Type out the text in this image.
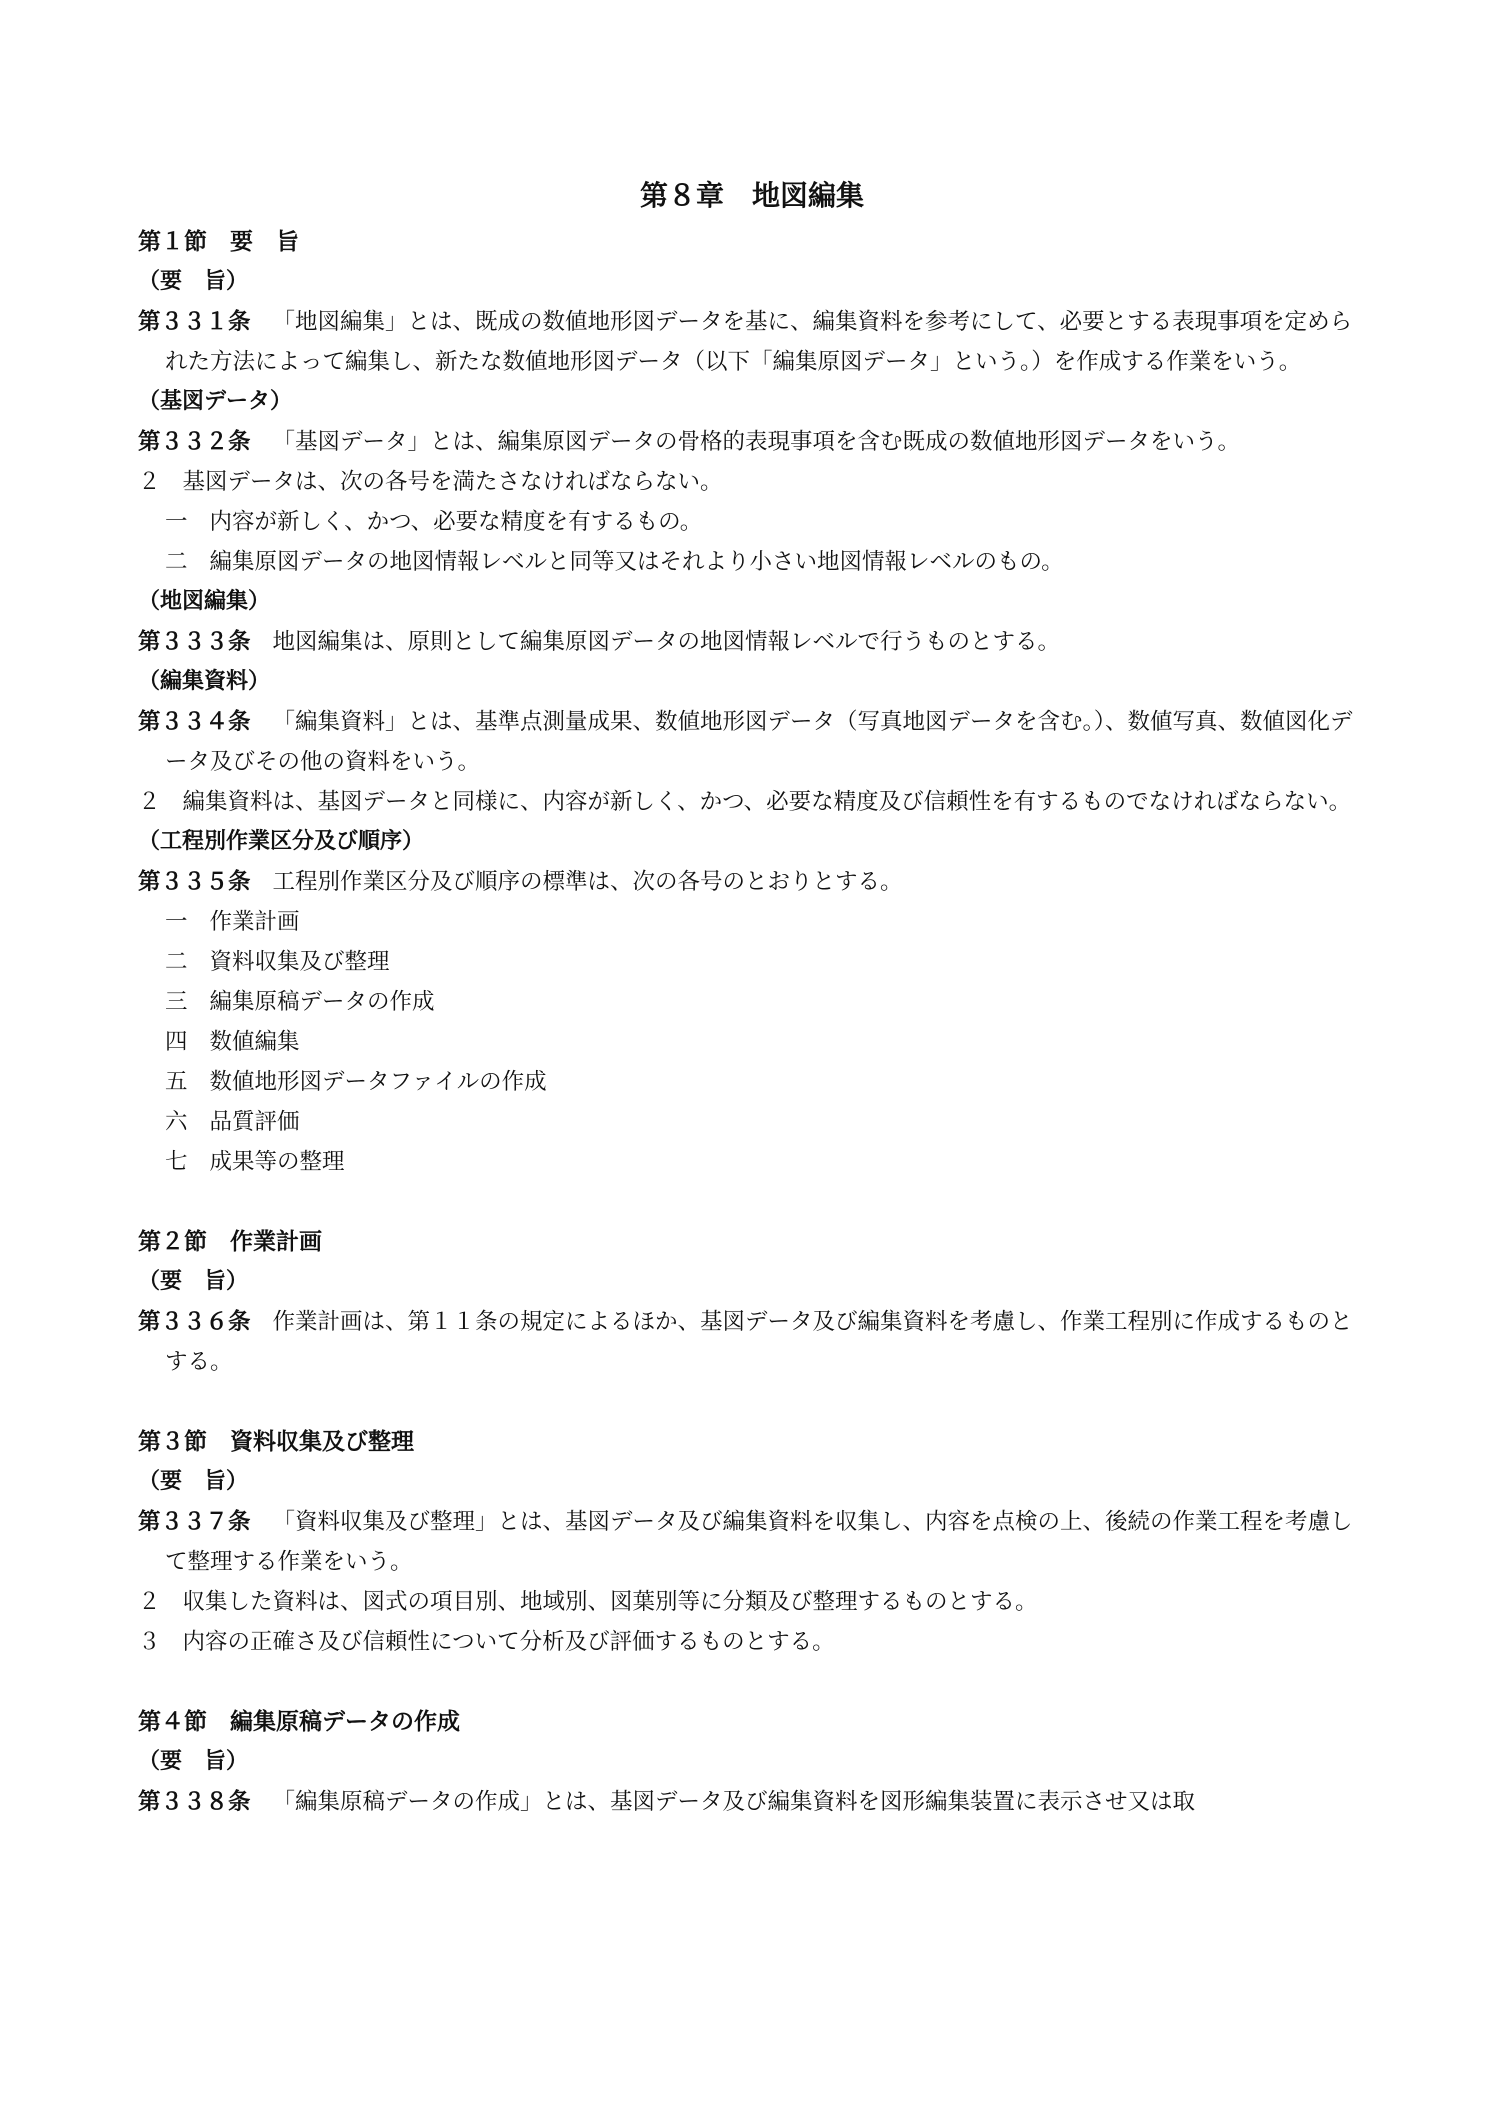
第８章　地図編集
第１節　要　旨
（要　旨）
第３３１条 「地図編集」とは、既成の数値地形図データを基に、編集資料を参考にして、必要とする表現事項を定められた方法によって編集し、新たな数値地形図データ（以下「編集原図データ」という。）を作成する作業をいう。
（基図データ）
第３３２条 「基図データ」とは、編集原図データの骨格的表現事項を含む既成の数値地形図データをいう。
２ 基図データは、次の各号を満たさなければならない。
一 内容が新しく、かつ、必要な精度を有するもの。
二 編集原図データの地図情報レベルと同等又はそれより小さい地図情報レベルのもの。
（地図編集）
第３３３条 地図編集は、原則として編集原図データの地図情報レベルで行うものとする。
（編集資料）
第３３４条 「編集資料」とは、基準点測量成果、数値地形図データ（写真地図データを含む。）、数値写真、数値図化データ及びその他の資料をいう。
２ 編集資料は、基図データと同様に、内容が新しく、かつ、必要な精度及び信頼性を有するものでなければならない。
（工程別作業区分及び順序）
第３３５条 工程別作業区分及び順序の標準は、次の各号のとおりとする。
一 作業計画
二 資料収集及び整理
三 編集原稿データの作成
四 数値編集
五 数値地形図データファイルの作成
六 品質評価
七 成果等の整理
第２節　作業計画
（要　旨）
第３３６条 作業計画は、第１１条の規定によるほか、基図データ及び編集資料を考慮し、作業工程別に作成するものとする。
第３節　資料収集及び整理
（要　旨）
第３３７条 「資料収集及び整理」とは、基図データ及び編集資料を収集し、内容を点検の上、後続の作業工程を考慮して整理する作業をいう。
２ 収集した資料は、図式の項目別、地域別、図葉別等に分類及び整理するものとする。
３ 内容の正確さ及び信頼性について分析及び評価するものとする。
第４節　編集原稿データの作成
（要　旨）
第３３８条 「編集原稿データの作成」とは、基図データ及び編集資料を図形編集装置に表示させ又は取
